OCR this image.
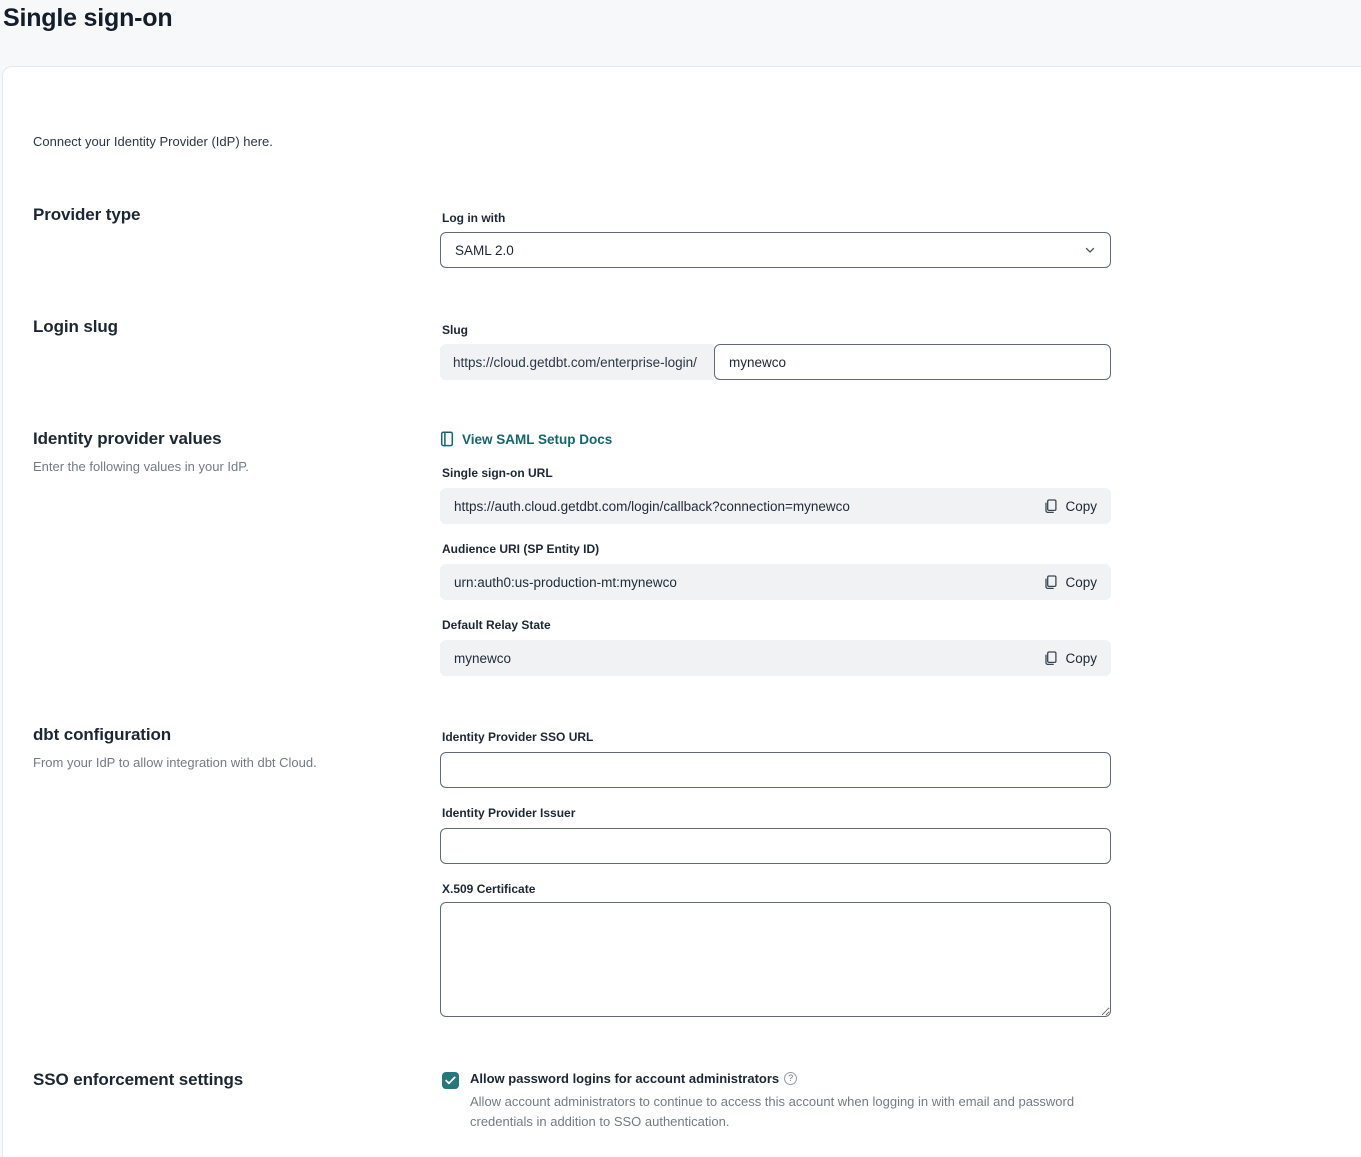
Single sign-on
Connect your Identity Provider (IdP) here.
Provider type	Log in with
SAML 2.0
Login slug	Slug
https://cloud.getdbt.com/enterprise-login/
mynewco
Identity provider values
Enter the following values in your IdP.
View SAML Setup Docs
Single sign-on URL
https://auth.cloud.getdbt.com/login/callback?connection=mynewco	Copy
Audience URI (SP Entity ID)
urn:auth0:us-production-mt:mynewco	Copy
Default Relay State
mynewco	Copy
dbt configuration
From your IdP to allow integration with dbt Cloud.
Identity Provider SSO URL
Identity Provider Issuer
X.509 Certificate
SSO enforcement settings	Allow password logins for account administrators ?
Allow account administrators to continue to access this account when logging in with email and password credentials in addition to SSO authentication.
